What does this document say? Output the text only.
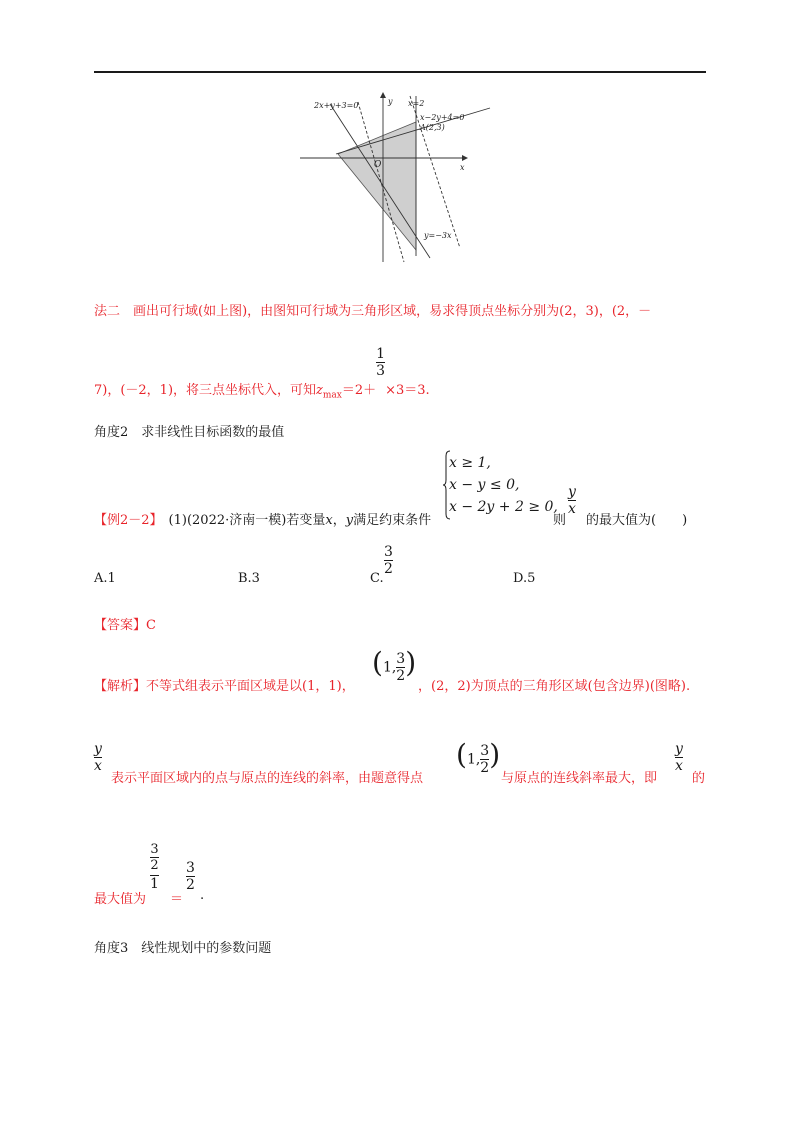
2x+y+3=0	x=2
x−2y+4=0
A(2,3)
y
x
O
y=−3x
法二　画出可行域(如上图)，由图知可行域为三角形区域，易求得顶点坐标分别为(2，3)，(2，－
7)，(－2，1)，将三点坐标代入，可知$z_{max}=2+$
$\frac{1}{3}$
×3＝3.
角度2　求非线性目标函数的最值
x ≥ 1,
x − y ≤ 0,
x − 2y + 2 ≥ 0,
【例2－2】 (1)(2022·济南一模)若变量x，y满足约束条件	则
$\frac{y}{x}$
的最大值为(　　)
A.1	B.3	C.
$\frac{3}{2}$
D.5
【答案】C
【解析】不等式组表示平面区域是以(1，1)，
(1, $\frac{3}{2}$ )
，(2，2)为顶点的三角形区域(包含边界)(图略).
$\frac{y}{x}$
表示平面区域内的点与原点的连线的斜率，由题意得点
(1, $\frac{3}{2}$ )
与原点的连线斜率最大，即
$\frac{y}{x}$
的
最大值为
$\frac{\frac{3}{2}}{1}$
＝
$\frac{3}{2}$
.
角度3　线性规划中的参数问题
